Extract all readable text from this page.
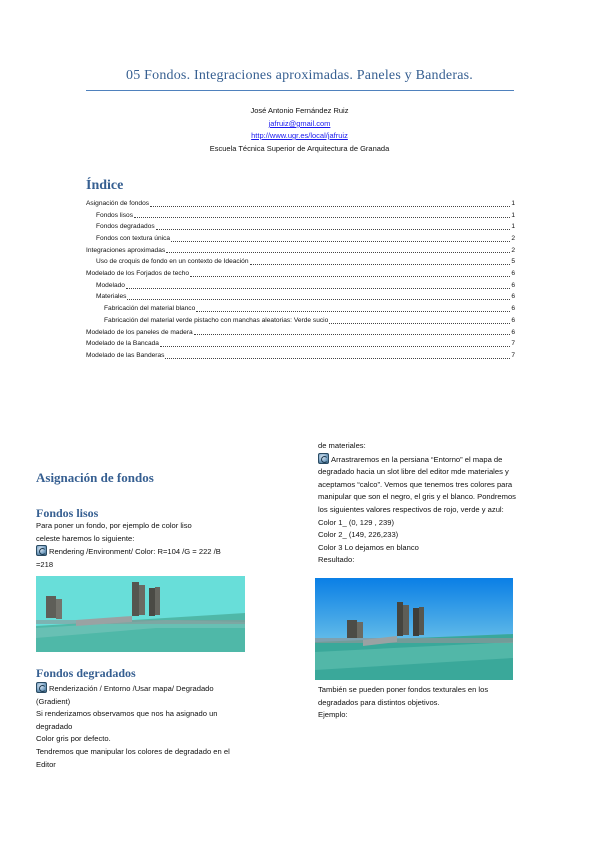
05 Fondos. Integraciones aproximadas. Paneles y Banderas.
José Antonio Fernández Ruiz
jafruiz@gmail.com
http://www.ugr.es/local/jafruiz
Escuela Técnica Superior de Arquitectura de Granada
Índice
Asignación de fondos	1
Fondos lisos	1
Fondos degradados	1
Fondos con textura única	2
Integraciones aproximadas	2
Uso de croquis de fondo en un contexto de Ideación	5
Modelado de los Forjados de techo	6
Modelado	6
Materiales	6
Fabricación del material blanco	6
Fabricación del material verde pistacho con manchas aleatorias: Verde sucio	6
Modelado de los paneles de madera	6
Modelado de la Bancada	7
Modelado de las Banderas	7
Asignación de fondos
Fondos lisos

Para poner un fondo, por ejemplo de color liso

celeste haremos lo siguiente:

Rendering /Environment/ Color: R=104 /G = 222 /B

=218

Fondos degradados

Renderización / Entorno /Usar mapa/ Degradado

(Gradient)

Si renderizamos observamos que nos ha asignado un

degradado

Color gris por defecto.

Tendremos que manipular los colores de degradado en el

Editor

de materiales:

Arrastraremos en la persiana “Entorno” el mapa de

degradado hacia un slot libre del editor mde materiales y

aceptamos “calco”. Vemos que tenemos tres colores para

manipular que son el negro, el gris y el blanco. Pondremos

los siguientes valores respectivos de rojo, verde y azul:

Color 1_ (0, 129 , 239)

Color 2_ (149, 226,233)

Color 3 Lo dejamos en blanco

Resultado:

También se pueden poner fondos texturales en los

degradados para distintos objetivos.

Ejemplo:
